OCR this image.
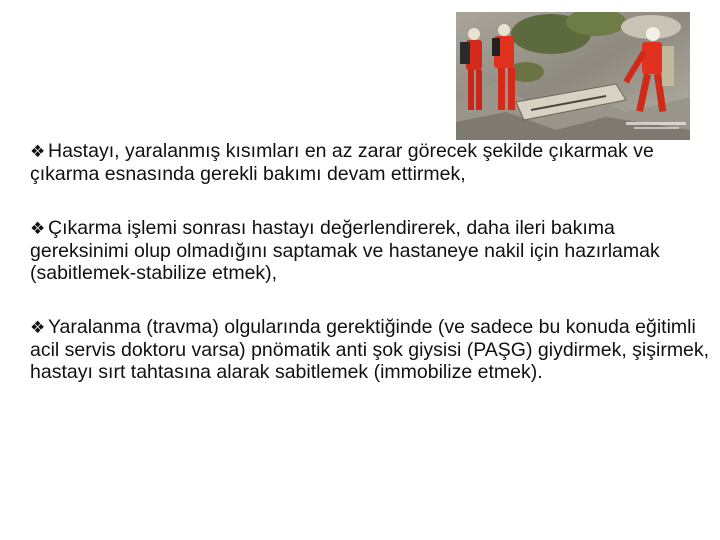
❖ Hastayı, yaralanmış kısımları en az zarar görecek şekilde çıkarmak ve çıkarma esnasında gerekli bakımı devam ettirmek,
❖ Çıkarma işlemi sonrası hastayı değerlendirerek, daha ileri bakıma gereksinimi olup olmadığını saptamak ve hastaneye nakil için hazırlamak (sabitlemek-stabilize etmek),
❖ Yaralanma (travma) olgularında gerektiğinde (ve sadece bu konuda eğitimli acil servis doktoru varsa) pnömatik anti şok giysisi (PAŞG) giydirmek, şişirmek, hastayı sırt tahtasına alarak sabitlemek (immobilize etmek).
